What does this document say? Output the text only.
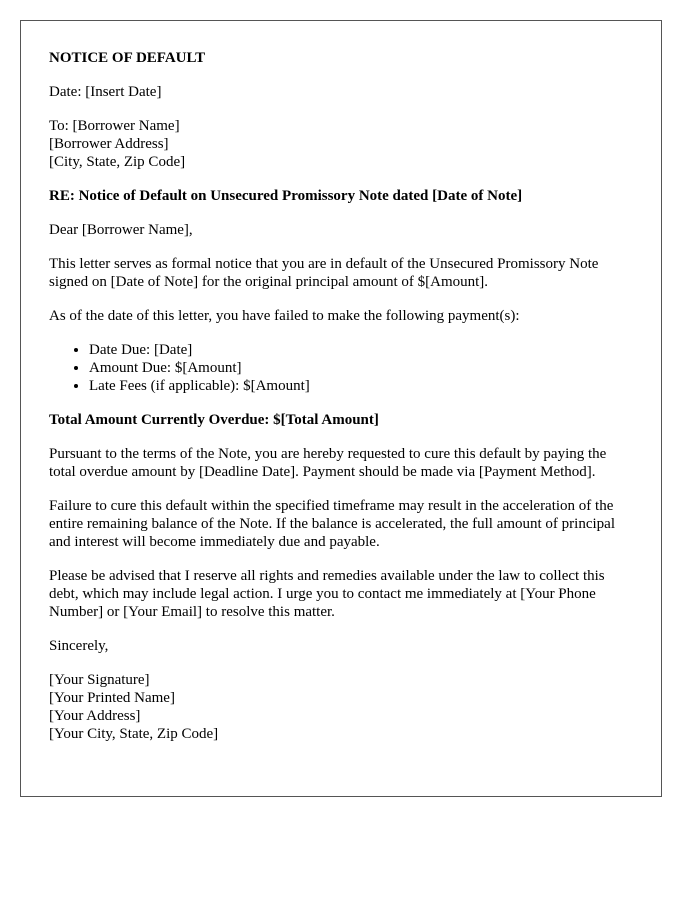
NOTICE OF DEFAULT

Date: [Insert Date]

To: [Borrower Name]
[Borrower Address]
[City, State, Zip Code]

RE: Notice of Default on Unsecured Promissory Note dated [Date of Note]

Dear [Borrower Name],

This letter serves as formal notice that you are in default of the Unsecured Promissory Note signed on [Date of Note] for the original principal amount of $[Amount].

As of the date of this letter, you have failed to make the following payment(s):

• Date Due: [Date]
• Amount Due: $[Amount]
• Late Fees (if applicable): $[Amount]

Total Amount Currently Overdue: $[Total Amount]

Pursuant to the terms of the Note, you are hereby requested to cure this default by paying the total overdue amount by [Deadline Date]. Payment should be made via [Payment Method].

Failure to cure this default within the specified timeframe may result in the acceleration of the entire remaining balance of the Note. If the balance is accelerated, the full amount of principal and interest will become immediately due and payable.

Please be advised that I reserve all rights and remedies available under the law to collect this debt, which may include legal action. I urge you to contact me immediately at [Your Phone Number] or [Your Email] to resolve this matter.

Sincerely,

[Your Signature]
[Your Printed Name]
[Your Address]
[Your City, State, Zip Code]
